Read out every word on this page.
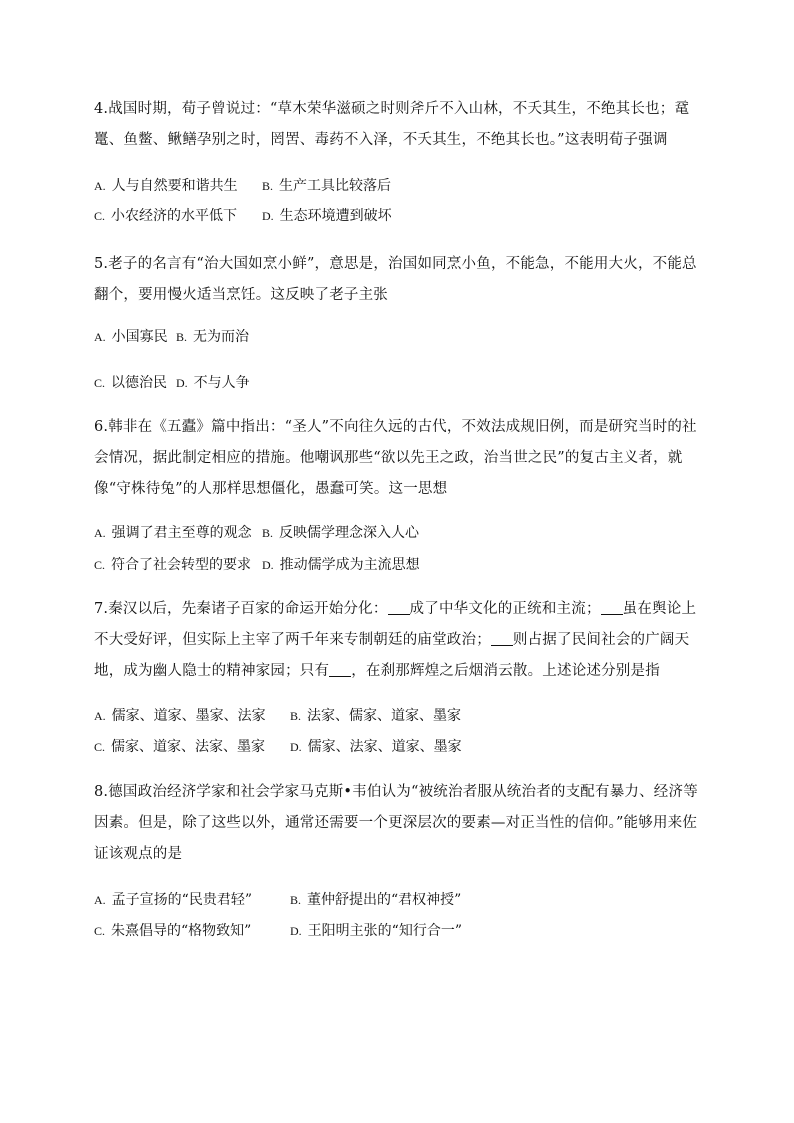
4.战国时期，荀子曾说过：“草木荣华滋硕之时则斧斤不入山林，不夭其生，不绝其长也；鼋鼍、鱼鳖、鳅鳝孕别之时，罔罟、毒药不入泽，不夭其生，不绝其长也。”这表明荀子强调
A. 人与自然要和谐共生 B. 生产工具比较落后
C. 小农经济的水平低下 D. 生态环境遭到破坏
5.老子的名言有“治大国如烹小鲜”，意思是，治国如同烹小鱼，不能急，不能用大火，不能总翻个，要用慢火适当烹饪。这反映了老子主张
A. 小国寡民 B. 无为而治
C. 以德治民 D. 不与人争
6.韩非在《五蠹》篇中指出：“圣人”不向往久远的古代，不效法成规旧例，而是研究当时的社会情况，据此制定相应的措施。他嘲讽那些“欲以先王之政，治当世之民”的复古主义者，就像“守株待兔”的人那样思想僵化，愚蠢可笑。这一思想
A. 强调了君主至尊的观念 B. 反映儒学理念深入人心
C. 符合了社会转型的要求 D. 推动儒学成为主流思想
7.秦汉以后，先秦诸子百家的命运开始分化： 成了中华文化的正统和主流； 虽在舆论上不大受好评，但实际上主宰了两千年来专制朝廷的庙堂政治； 则占据了民间社会的广阔天地，成为幽人隐士的精神家园；只有 ，在刹那辉煌之后烟消云散。上述论述分别是指
A. 儒家、道家、墨家、法家 B. 法家、儒家、道家、墨家
C. 儒家、道家、法家、墨家 D. 儒家、法家、道家、墨家
8.德国政治经济学家和社会学家马克斯•韦伯认为“被统治者服从统治者的支配有暴力、经济等因素。但是，除了这些以外，通常还需要一个更深层次的要素—对正当性的信仰。”能够用来佐证该观点的是
A. 孟子宣扬的“民贵君轻”	B. 董仲舒提出的“君权神授”
C. 朱熹倡导的“格物致知”	D. 王阳明主张的“知行合一”
